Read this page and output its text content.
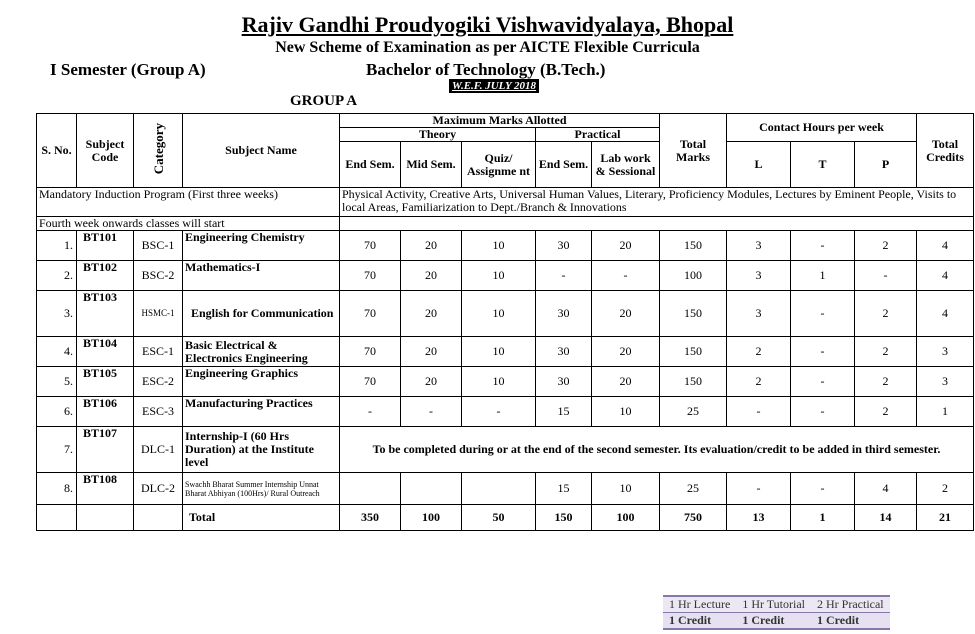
Rajiv Gandhi Proudyogiki Vishwavidyalaya, Bhopal
New Scheme of Examination as per AICTE Flexible Curricula
I Semester (Group A)	Bachelor of Technology (B.Tech.)
W.E.F. JULY 2018
GROUP A
S. No.	Subject Code	Category	Subject Name	Maximum Marks Allotted					Total Marks	Contact Hours per week			Total Credits
				Theory			Practical						
				End Sem.	Mid Sem.	Quiz/ Assignme nt	End Sem.	Lab work & Sessional		L	T	P	
Mandatory Induction Program (First three weeks)				Physical Activity, Creative Arts, Universal Human Values, Literary, Proficiency Modules, Lectures by Eminent People, Visits to local Areas, Familiarization to Dept./Branch & Innovations									
Fourth week onwards classes will start													
1.	BT101	BSC-1	Engineering Chemistry	70	20	10	30	20	150	3	-	2	4
2.	BT102	BSC-2	Mathematics-I	70	20	10	-	-	100	3	1	-	4
3.	BT103	HSMC-1	English for Communication	70	20	10	30	20	150	3	-	2	4
4.	BT104	ESC-1	Basic Electrical & Electronics Engineering	70	20	10	30	20	150	2	-	2	3
5.	BT105	ESC-2	Engineering Graphics	70	20	10	30	20	150	2	-	2	3
6.	BT106	ESC-3	Manufacturing Practices	-	-	-	15	10	25	-	-	2	1
7.	BT107	DLC-1	Internship-I (60 Hrs Duration) at the Institute level	To be completed during or at the end of the second semester. Its evaluation/credit to be added in third semester.									
8.	BT108	DLC-2	Swachh Bharat Summer Internship Unnat Bharat Abhiyan (100Hrs)/ Rural Outreach				15	10	25	-	-	4	2
			Total	350	100	50	150	100	750	13	1	14	21
1 Hr Lecture	1 Hr Tutorial	2 Hr Practical
1 Credit	1 Credit	1 Credit
